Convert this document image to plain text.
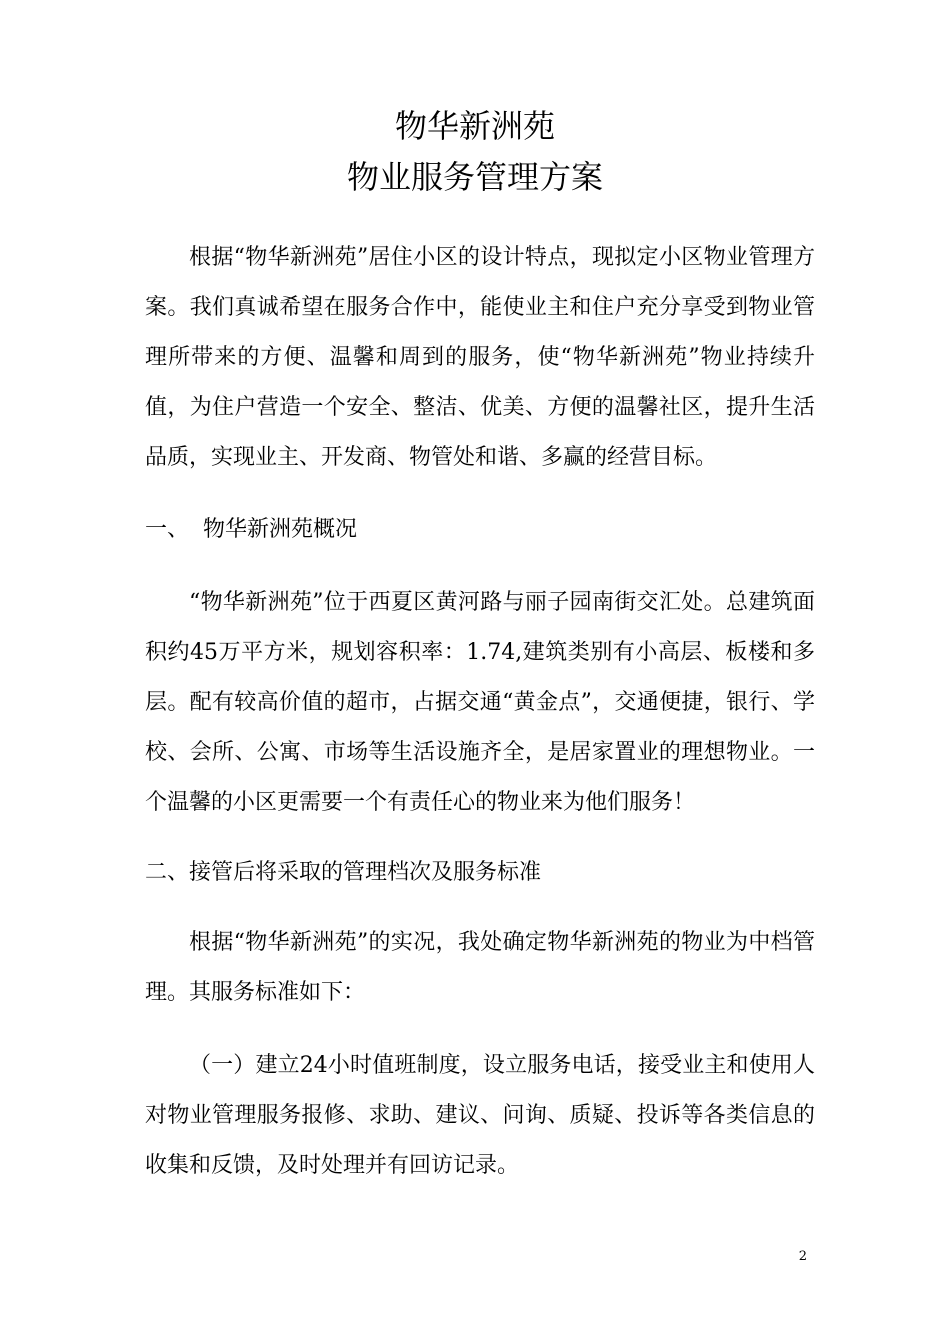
物华新洲苑
物业服务管理方案

根据“物华新洲苑”居住小区的设计特点，现拟定小区物业管理方案。我们真诚希望在服务合作中，能使业主和住户充分享受到物业管理所带来的方便、温馨和周到的服务，使“物华新洲苑”物业持续升值，为住户营造一个安全、整洁、优美、方便的温馨社区，提升生活品质，实现业主、开发商、物管处和谐、多赢的经营目标。

一、 物华新洲苑概况

“物华新洲苑”位于西夏区黄河路与丽子园南街交汇处。总建筑面积约45万平方米，规划容积率：1.74,建筑类别有小高层、板楼和多层。配有较高价值的超市，占据交通“黄金点”，交通便捷，银行、学校、会所、公寓、市场等生活设施齐全，是居家置业的理想物业。一个温馨的小区更需要一个有责任心的物业来为他们服务！

二、接管后将采取的管理档次及服务标准

根据“物华新洲苑”的实况，我处确定物华新洲苑的物业为中档管理。其服务标准如下：

（一）建立24小时值班制度，设立服务电话，接受业主和使用人对物业管理服务报修、求助、建议、问询、质疑、投诉等各类信息的收集和反馈，及时处理并有回访记录。

2
